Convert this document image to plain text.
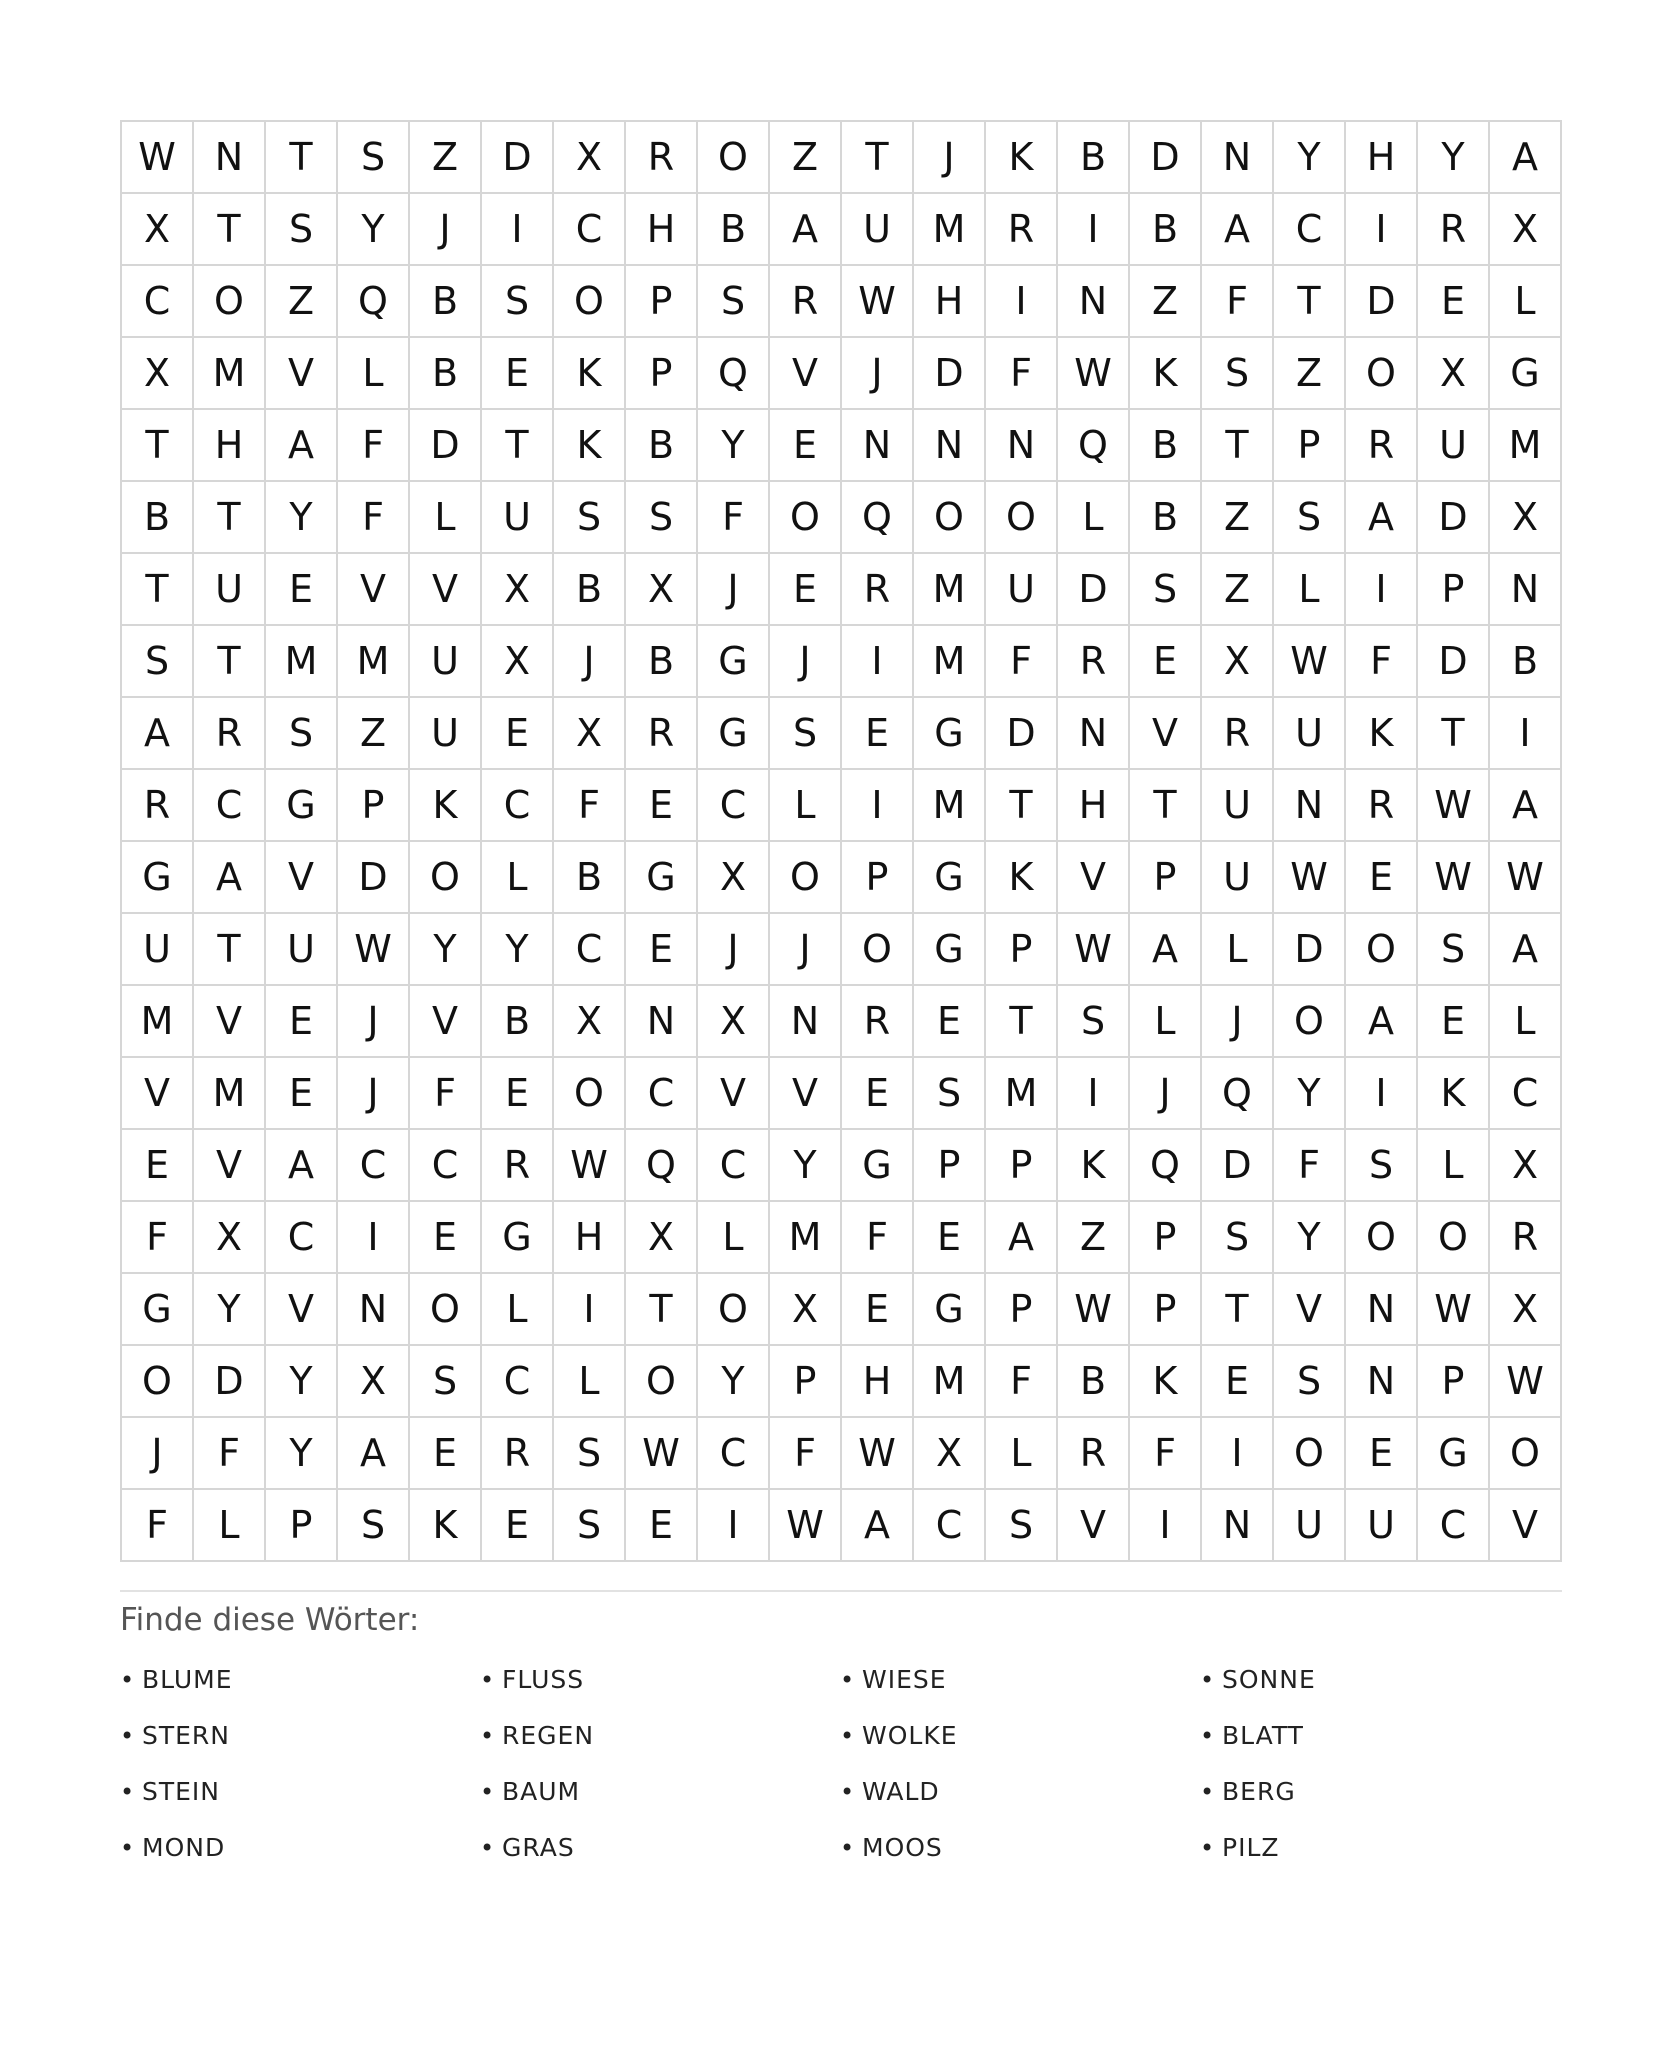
W	N	T	S	Z	D	X	R	O	Z	T	J	K	B	D	N	Y	H	Y	A
X	T	S	Y	J	I	C	H	B	A	U	M	R	I	B	A	C	I	R	X
C	O	Z	Q	B	S	O	P	S	R	W	H	I	N	Z	F	T	D	E	L
X	M	V	L	B	E	K	P	Q	V	J	D	F	W	K	S	Z	O	X	G
T	H	A	F	D	T	K	B	Y	E	N	N	N	Q	B	T	P	R	U	M
B	T	Y	F	L	U	S	S	F	O	Q	O	O	L	B	Z	S	A	D	X
T	U	E	V	V	X	B	X	J	E	R	M	U	D	S	Z	L	I	P	N
S	T	M	M	U	X	J	B	G	J	I	M	F	R	E	X	W	F	D	B
A	R	S	Z	U	E	X	R	G	S	E	G	D	N	V	R	U	K	T	I
R	C	G	P	K	C	F	E	C	L	I	M	T	H	T	U	N	R	W	A
G	A	V	D	O	L	B	G	X	O	P	G	K	V	P	U	W	E	W W
U	T	U	W	Y	Y	C	E	J	J	O	G	P	W	A	L	D	O	S	A
M	V	E	J	V	B	X	N	X	N	R	E	T	S	L	J	O	A	E	L
V	M	E	J	F	E	O	C	V	V	E	S	M	I	J	Q	Y	I	K	C
E	V	A	C	C	R	W	Q	C	Y	G	P	P	K	Q	D	F	S	L	X
F	X	C	I	E	G	H	X	L	M	F	E	A	Z	P	S	Y	O	O	R
G	Y	V	N	O	L	I	T	O	X	E	G	P	W	P	T	V	N	W	X
O	D	Y	X	S	C	L	O	Y	P	H	M	F	B	K	E	S	N	P	W
J	F	Y	A	E	R	S	W	C	F	W	X	L	R	F	I	O	E	G	O
F	L	P	S	K	E	S	E	I	W	A	C	S	V	I	N	U	U	C	V
Finde diese Wörter:
• BLUME	• FLUSS	• WIESE	• SONNE
• STERN	• REGEN	• WOLKE	• BLATT
• STEIN	• BAUM	• WALD	• BERG
• MOND	• GRAS	• MOOS	• PILZ
